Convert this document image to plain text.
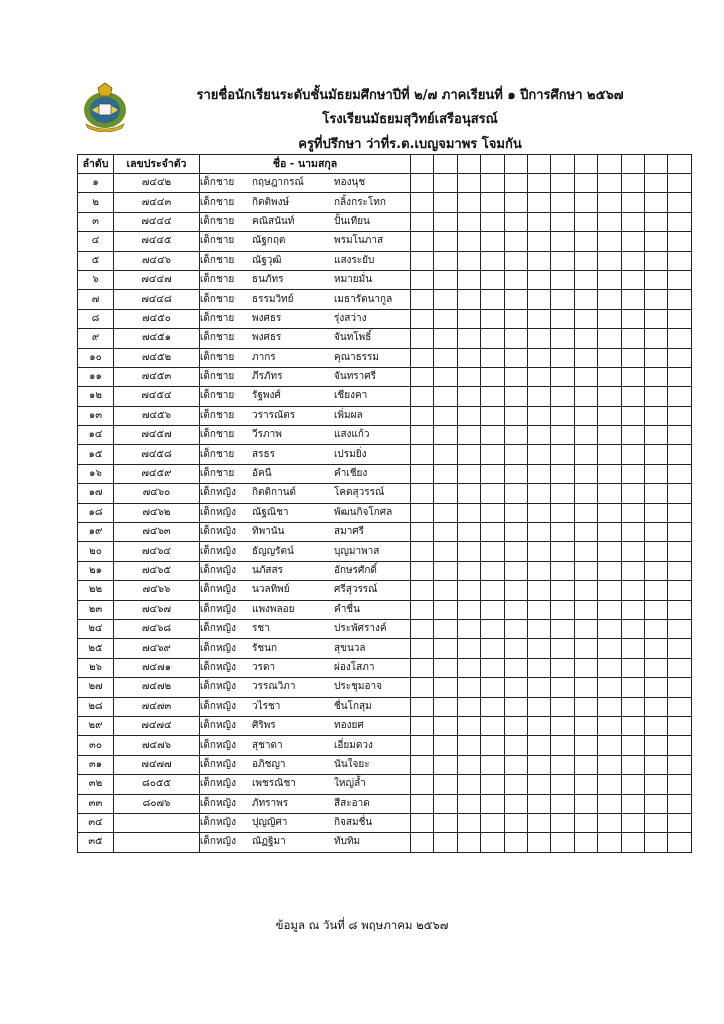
รายชื่อนักเรียนระดับชั้นมัธยมศึกษาปีที่ ๒/๗ ภาคเรียนที่ ๑ ปีการศึกษา ๒๕๖๗
โรงเรียนมัธยมสุวิทย์เสรีอนุสรณ์
ครูที่ปรึกษา ว่าที่ร.ต.เบญจมาพร โจมกัน
ลำดับ	เลขประจำตัว	ชื่อ - นามสกุล												
๑	๗๔๔๒	เด็กชาย กฤษฎากรณ์ ทองนุช												
๒	๗๔๔๓	เด็กชาย กิตติพงษ์ กลิ้งกระโทก												
๓	๗๔๔๔	เด็กชาย คณิสนันท์ ปั้นเทียน												
๔	๗๔๔๕	เด็กชาย ณัฐกฤต พรมโนภาส												
๕	๗๔๔๖	เด็กชาย ณัฐวุฒิ แสงระยับ												
๖	๗๔๔๗	เด็กชาย ธนภัทร หมายมั่น												
๗	๗๔๔๘	เด็กชาย ธรรมวิทย์ เมธารัตนากูล												
๘	๗๔๕๐	เด็กชาย พงศธร รุ่งสว่าง												
๙	๗๔๕๑	เด็กชาย พงศธร จันทโพธิ์												
๑๐	๗๔๕๒	เด็กชาย ภากร คุณาธรรม												
๑๑	๗๔๕๓	เด็กชาย ภีรภัทร จันทราศรี												
๑๒	๗๔๕๔	เด็กชาย รัฐพงศ์ เชียงคา												
๑๓	๗๔๕๖	เด็กชาย วรารณัตร เพิ่มผล												
๑๔	๗๔๕๗	เด็กชาย วีรภาพ แสงแก้ว												
๑๕	๗๔๕๘	เด็กชาย สรธร เปรมยิ่ง												
๑๖	๗๔๕๙	เด็กชาย อัคนี คำเชียง												
๑๗	๗๔๖๐	เด็กหญิง กิตติกานต์ โคตสุวรรณ์												
๑๘	๗๔๖๒	เด็กหญิง ณัฐณิชา พัฒนกิจโกศล												
๑๙	๗๔๖๓	เด็กหญิง ทิพานัน สมาศรี												
๒๐	๗๔๖๔	เด็กหญิง ธัญญรัตน์ บุญมาพาส												
๒๑	๗๔๖๕	เด็กหญิง นภัสสร อักษรศักดิ์												
๒๒	๗๔๖๖	เด็กหญิง นวลทิพย์ ศรีสุวรรณ์												
๒๓	๗๔๖๗	เด็กหญิง แพงพลอย คำชื่น												
๒๔	๗๔๖๘	เด็กหญิง รชา ประพัศรางค์												
๒๕	๗๔๖๙	เด็กหญิง รัชนก สุขนวล												
๒๖	๗๔๗๑	เด็กหญิง วรดา ผ่องโสภา												
๒๗	๗๔๗๒	เด็กหญิง วรรณวิภา ประชุมอาจ												
๒๘	๗๔๗๓	เด็กหญิง วไรชา ชื่นโกสุม												
๒๙	๗๔๗๔	เด็กหญิง ศิริพร ทองยศ												
๓๐	๗๔๗๖	เด็กหญิง สุชาดา เอี่ยมดวง												
๓๑	๗๔๗๗	เด็กหญิง อภิชญา นันใจยะ												
๓๒	๘๐๕๕	เด็กหญิง เพชรณิชา ใหญ่ล้ำ												
๓๓	๘๐๗๖	เด็กหญิง ภัทราพร สีสะอาด												
๓๔		เด็กหญิง ปุญญิศา กิจสมชื่น												
๓๕		เด็กหญิง ณัฏฐิมา ทับทิม												
ข้อมูล ณ วันที่ ๘ พฤษภาคม ๒๕๖๗
